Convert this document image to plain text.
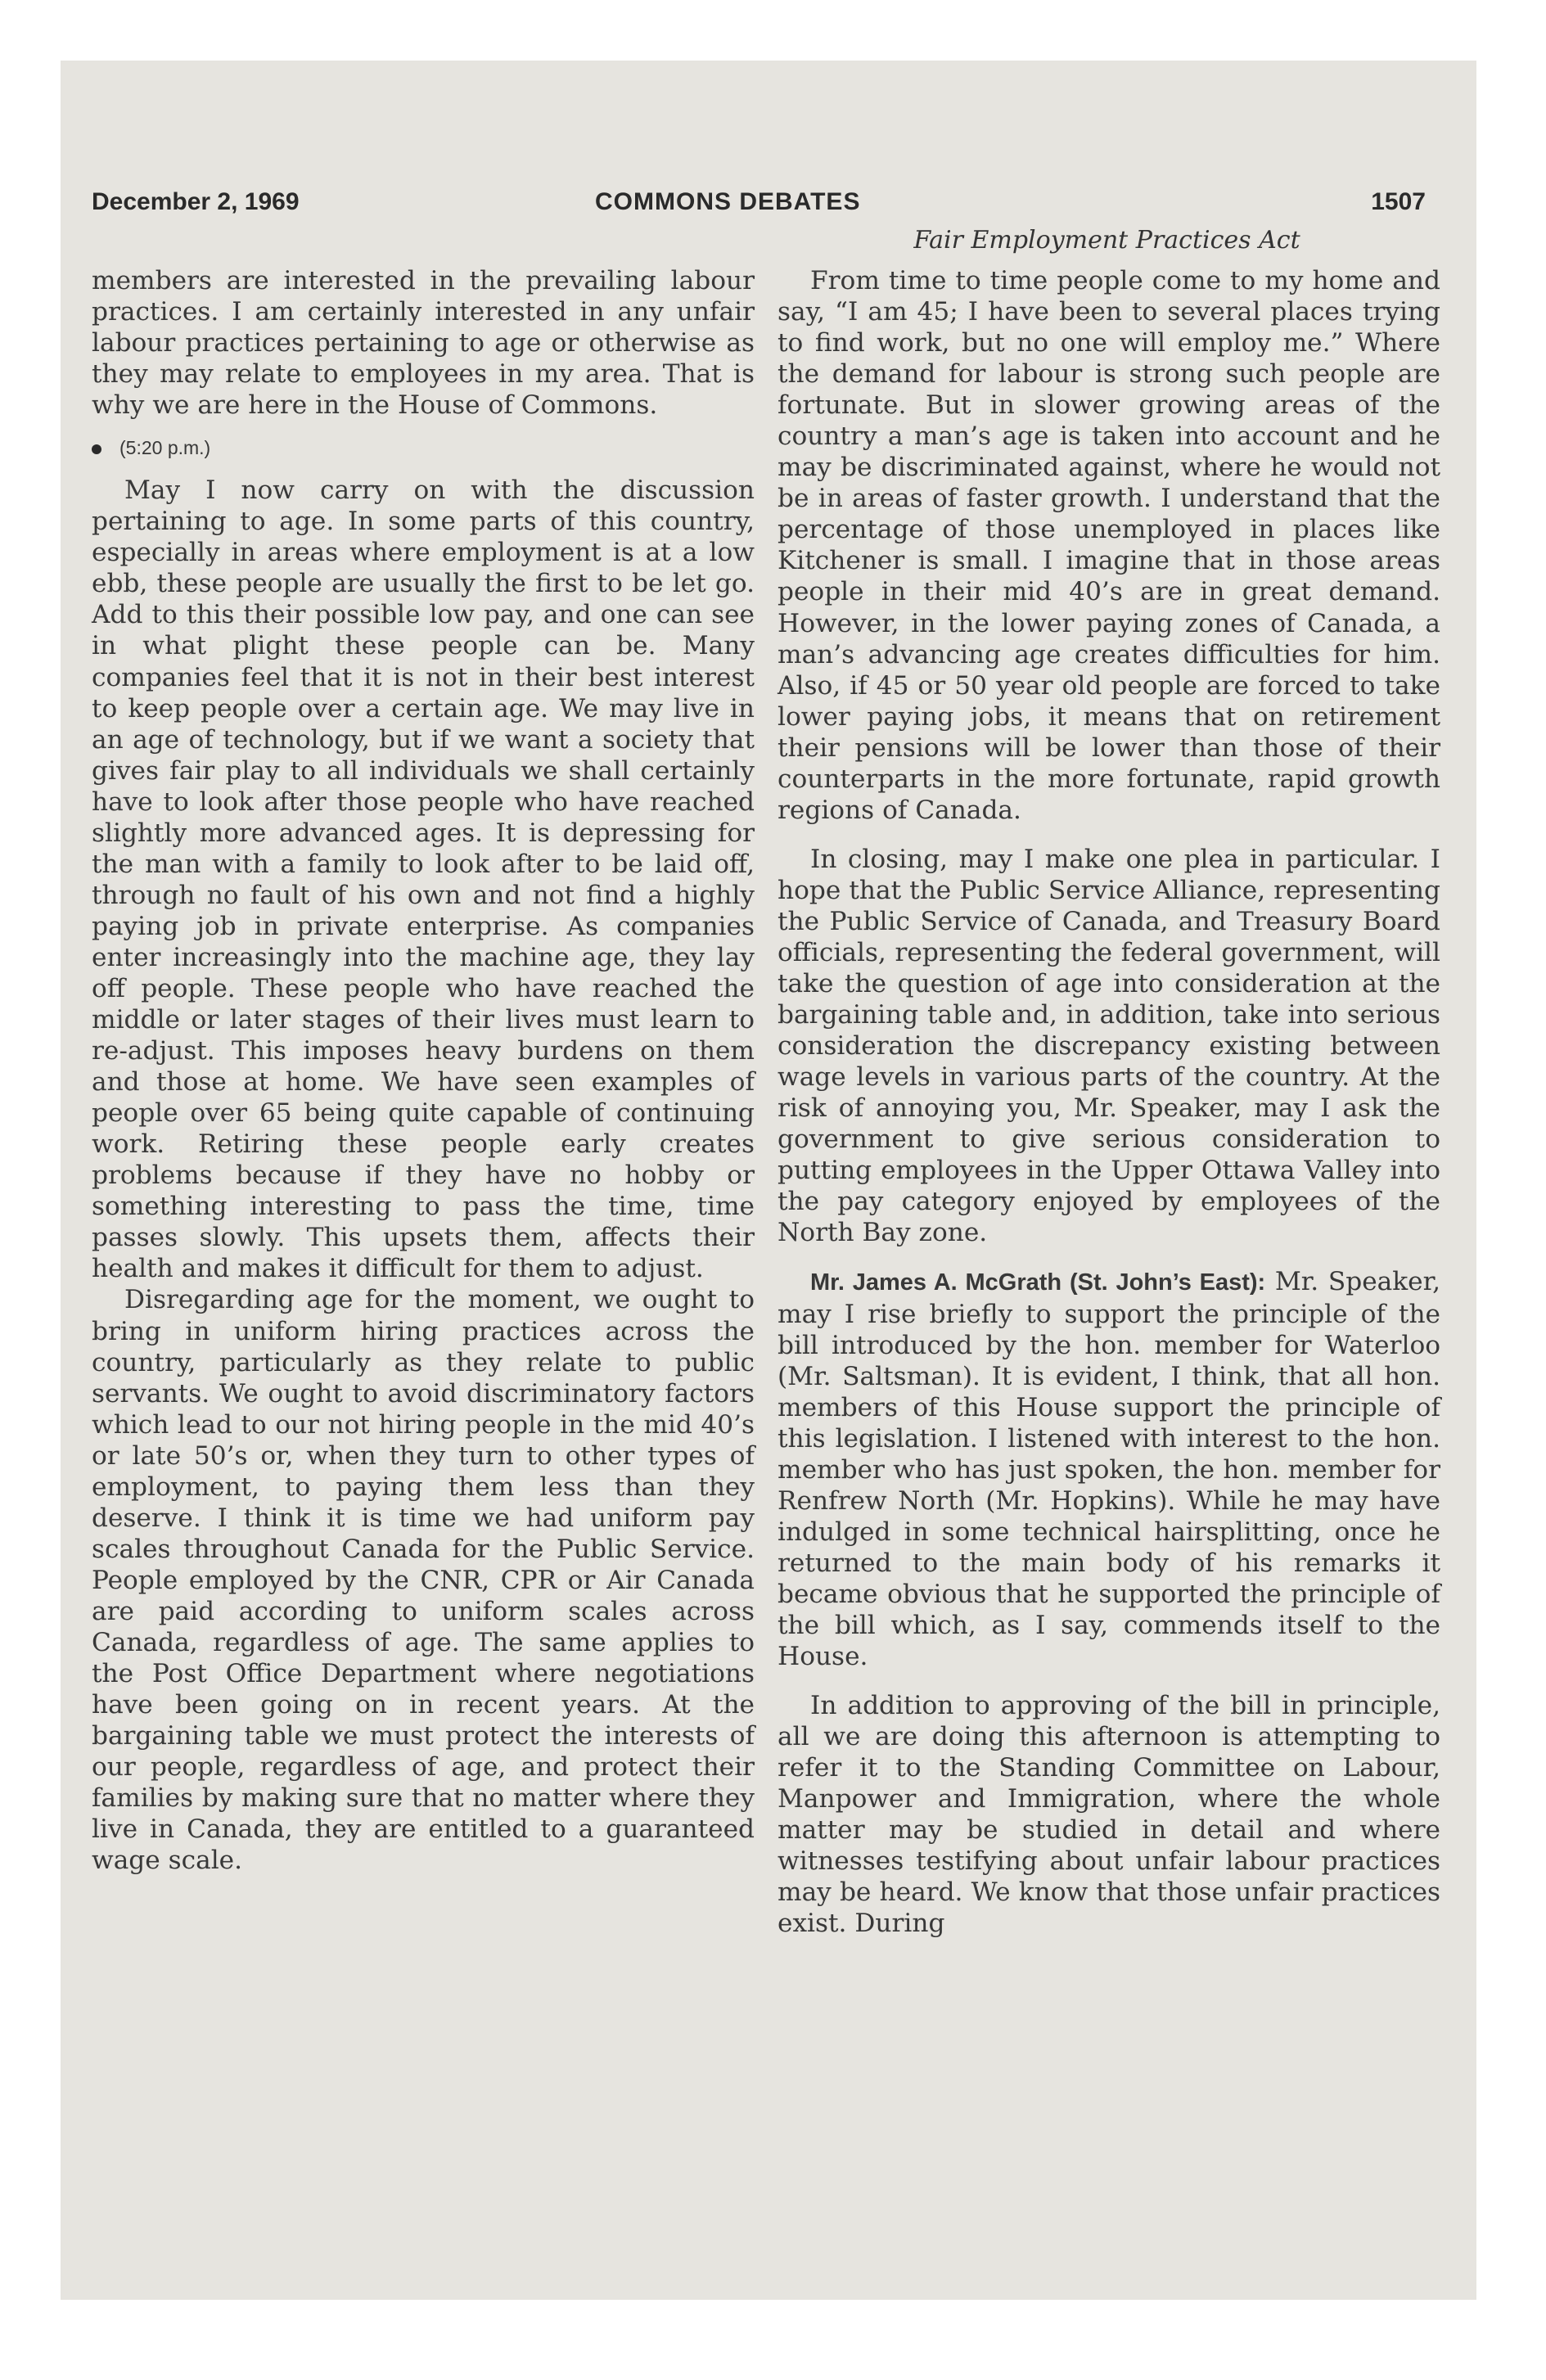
December 2, 1969	COMMONS DEBATES	1507
Fair Employment Practices Act

members are interested in the prevailing labour practices. I am certainly interested in any unfair labour practices pertaining to age or otherwise as they may relate to employees in my area. That is why we are here in the House of Commons.

(5:20 p.m.)

May I now carry on with the discussion pertaining to age. In some parts of this country, especially in areas where employment is at a low ebb, these people are usually the first to be let go. Add to this their possible low pay, and one can see in what plight these people can be. Many companies feel that it is not in their best interest to keep people over a certain age. We may live in an age of technology, but if we want a society that gives fair play to all individuals we shall certainly have to look after those people who have reached slightly more advanced ages. It is depressing for the man with a family to look after to be laid off, through no fault of his own and not find a highly paying job in private enterprise. As companies enter increasingly into the machine age, they lay off people. These people who have reached the middle or later stages of their lives must learn to re-adjust. This imposes heavy burdens on them and those at home. We have seen examples of people over 65 being quite capable of continuing work. Retiring these people early creates problems because if they have no hobby or something interesting to pass the time, time passes slowly. This upsets them, affects their health and makes it difficult for them to adjust.

Disregarding age for the moment, we ought to bring in uniform hiring practices across the country, particularly as they relate to public servants. We ought to avoid discriminatory factors which lead to our not hiring people in the mid 40’s or late 50’s or, when they turn to other types of employment, to paying them less than they deserve. I think it is time we had uniform pay scales throughout Canada for the Public Service. People employed by the CNR, CPR or Air Canada are paid according to uniform scales across Canada, regardless of age. The same applies to the Post Office Department where negotiations have been going on in recent years. At the bargaining table we must protect the interests of our people, regardless of age, and protect their families by making sure that no matter where they live in Canada, they are entitled to a guaranteed wage scale.

From time to time people come to my home and say, “I am 45; I have been to several places trying to find work, but no one will employ me.” Where the demand for labour is strong such people are fortunate. But in slower growing areas of the country a man’s age is taken into account and he may be discriminated against, where he would not be in areas of faster growth. I understand that the percentage of those unemployed in places like Kitchener is small. I imagine that in those areas people in their mid 40’s are in great demand. However, in the lower paying zones of Canada, a man’s advancing age creates difficulties for him. Also, if 45 or 50 year old people are forced to take lower paying jobs, it means that on retirement their pensions will be lower than those of their counterparts in the more fortunate, rapid growth regions of Canada.

In closing, may I make one plea in particular. I hope that the Public Service Alliance, representing the Public Service of Canada, and Treasury Board officials, representing the federal government, will take the question of age into consideration at the bargaining table and, in addition, take into serious consideration the discrepancy existing between wage levels in various parts of the country. At the risk of annoying you, Mr. Speaker, may I ask the government to give serious consideration to putting employees in the Upper Ottawa Valley into the pay category enjoyed by employees of the North Bay zone.

Mr. James A. McGrath (St. John’s East): Mr. Speaker, may I rise briefly to support the principle of the bill introduced by the hon. member for Waterloo (Mr. Saltsman). It is evident, I think, that all hon. members of this House support the principle of this legislation. I listened with interest to the hon. member who has just spoken, the hon. member for Renfrew North (Mr. Hopkins). While he may have indulged in some technical hairsplitting, once he returned to the main body of his remarks it became obvious that he supported the principle of the bill which, as I say, commends itself to the House.

In addition to approving of the bill in principle, all we are doing this afternoon is attempting to refer it to the Standing Committee on Labour, Manpower and Immigration, where the whole matter may be studied in detail and where witnesses testifying about unfair labour practices may be heard. We know that those unfair practices exist. During
